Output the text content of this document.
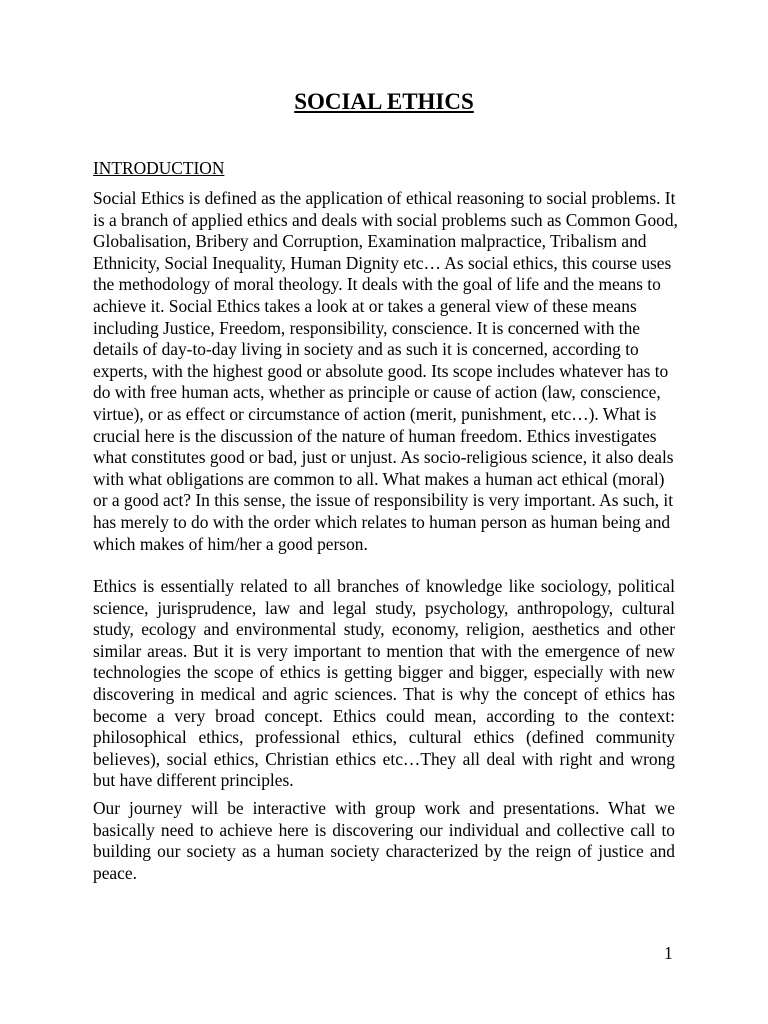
SOCIAL ETHICS
INTRODUCTION

Social Ethics is defined as the application of ethical reasoning to social problems. It is a branch of applied ethics and deals with social problems such as Common Good, Globalisation, Bribery and Corruption, Examination malpractice, Tribalism and Ethnicity, Social Inequality, Human Dignity etc… As social ethics, this course uses the methodology of moral theology. It deals with the goal of life and the means to achieve it. Social Ethics takes a look at or takes a general view of these means including Justice, Freedom, responsibility, conscience. It is concerned with the details of day-to-day living in society and as such it is concerned, according to experts, with the highest good or absolute good. Its scope includes whatever has to do with free human acts, whether as principle or cause of action (law, conscience, virtue), or as effect or circumstance of action (merit, punishment, etc…). What is crucial here is the discussion of the nature of human freedom. Ethics investigates what constitutes good or bad, just or unjust. As socio-religious science, it also deals with what obligations are common to all. What makes a human act ethical (moral) or a good act? In this sense, the issue of responsibility is very important. As such, it has merely to do with the order which relates to human person as human being and which makes of him/her a good person.

Ethics is essentially related to all branches of knowledge like sociology, political science, jurisprudence, law and legal study, psychology, anthropology, cultural study, ecology and environmental study, economy, religion, aesthetics and other similar areas. But it is very important to mention that with the emergence of new technologies the scope of ethics is getting bigger and bigger, especially with new discovering in medical and agric sciences. That is why the concept of ethics has become a very broad concept. Ethics could mean, according to the context: philosophical ethics, professional ethics, cultural ethics (defined community believes), social ethics, Christian ethics etc…They all deal with right and wrong but have different principles.

Our journey will be interactive with group work and presentations. What we basically need to achieve here is discovering our individual and collective call to building our society as a human society characterized by the reign of justice and peace.

1
